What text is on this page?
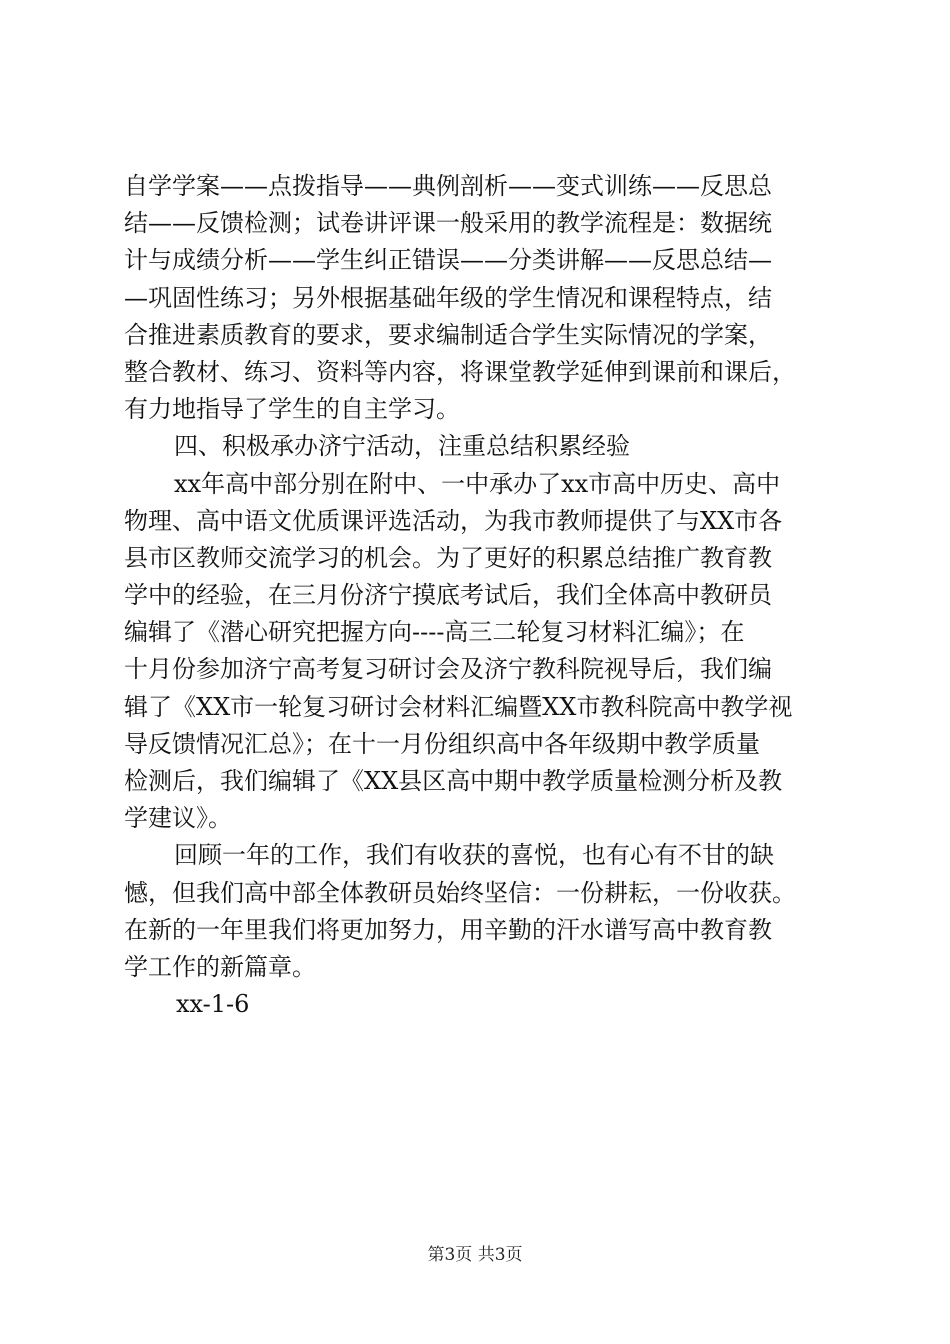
自学学案——点拨指导——典例剖析——变式训练——反思总
结——反馈检测；试卷讲评课一般采用的教学流程是：数据统
计与成绩分析——学生纠正错误——分类讲解——反思总结—
—巩固性练习；另外根据基础年级的学生情况和课程特点，结
合推进素质教育的要求，要求编制适合学生实际情况的学案，
整合教材、练习、资料等内容，将课堂教学延伸到课前和课后，
有力地指导了学生的自主学习。
四、积极承办济宁活动，注重总结积累经验
xx年高中部分别在附中、一中承办了xx市高中历史、高中
物理、高中语文优质课评选活动，为我市教师提供了与XX市各
县市区教师交流学习的机会。为了更好的积累总结推广教育教
学中的经验，在三月份济宁摸底考试后，我们全体高中教研员
编辑了《潜心研究把握方向----高三二轮复习材料汇编》；在
十月份参加济宁高考复习研讨会及济宁教科院视导后，我们编
辑了《XX市一轮复习研讨会材料汇编暨XX市教科院高中教学视
导反馈情况汇总》；在十一月份组织高中各年级期中教学质量
检测后，我们编辑了《XX县区高中期中教学质量检测分析及教
学建议》。
回顾一年的工作，我们有收获的喜悦，也有心有不甘的缺
憾，但我们高中部全体教研员始终坚信：一份耕耘，一份收获。
在新的一年里我们将更加努力，用辛勤的汗水谱写高中教育教
学工作的新篇章。
xx-1-6
第3页 共3页
